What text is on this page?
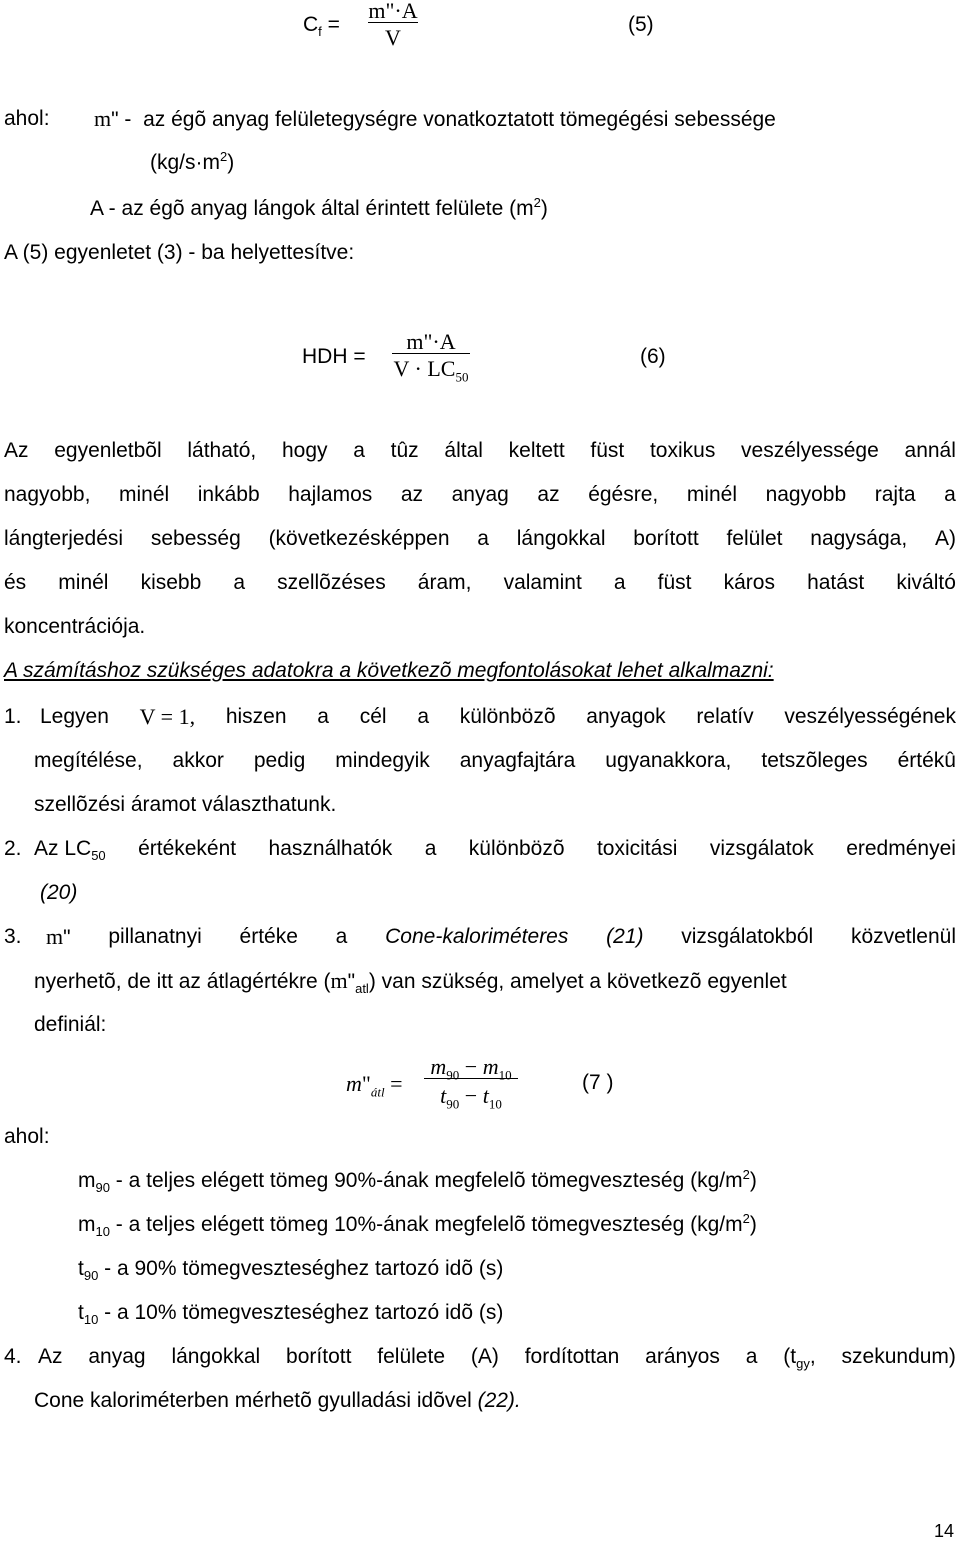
$C_f$ =
m"·A
V
(5)
ahol: m" - az égõ anyag felületegységre vonatkoztatott tömegégési sebessége
$(kg/s\cdot m^2)$
A - az égõ anyag lángok által érintett felülete $(m^2)$
A (5) egyenletet (3) - ba helyettesítve:
HDH =
m"·A
$V \cdot LC_{50}$
(6)
Az egyenletbõl látható, hogy a tûz által keltett füst toxikus veszélyessége annál
nagyobb, minél inkább hajlamos az anyag az égésre, minél nagyobb rajta a
lángterjedési sebesség (következésképpen a lángokkal borított felület nagysága, A)
és minél kisebb a szellõzéses áram, valamint a füst káros hatást kiváltó
koncentrációja.
A számításhoz szükséges adatokra a következõ megfontolásokat lehet alkalmazni:
1. Legyen V = 1, hiszen a cél a különbözõ anyagok relatív veszélyességének
megítélése, akkor pedig mindegyik anyagfajtára ugyanakkora, tetszõleges értékû
szellõzési áramot választhatunk.
2. Az $LC_{50}$ értékeként használhatók a különbözõ toxicitási vizsgálatok eredményei
(20)
3. m" pillanatnyi értéke a Cone-kaloriméteres (21) vizsgálatokból közvetlenül
nyerhetõ, de itt az átlagértékre $(m"_{atl})$ van szükség, amelyet a következõ egyenlet
definiál:
$m"_{átl}$ =
$m_{90} - m_{10}$
$t_{90} - t_{10}$
(7 )
ahol:
$m_{90}$ - a teljes elégett tömeg 90%-ának megfelelõ tömegveszteség $(kg/m^2)$
$m_{10}$ - a teljes elégett tömeg 10%-ának megfelelõ tömegveszteség $(kg/m^2)$
$t_{90}$ - a 90% tömegveszteséghez tartozó idõ (s)
$t_{10}$ - a 10% tömegveszteséghez tartozó idõ (s)
4. Az anyag lángokkal borított felülete (A) fordítottan arányos a ($t_{gy}$, szekundum)
Cone kaloriméterben mérhetõ gyulladási idõvel (22).
14
